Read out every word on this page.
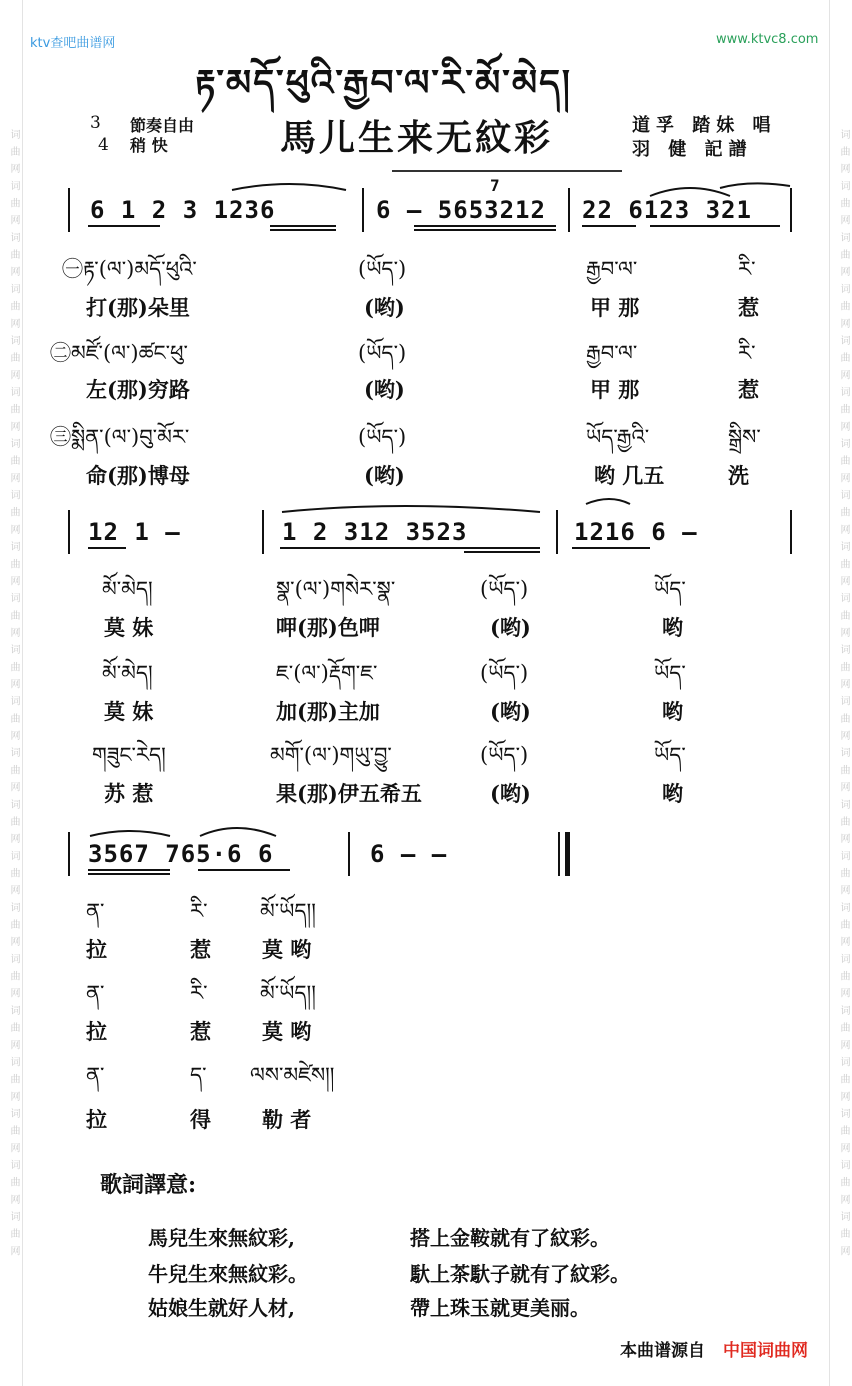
词 曲 网 词 曲 网 词 曲 网 词 曲 网 词 曲 网 词 曲 网 词 曲 网 词 曲 网 词 曲 网 词 曲 网 词 曲 网 词 曲 网 词 曲 网 词 曲 网 词 曲 网 词 曲 网 词 曲 网 词 曲 网 词 曲 网 词 曲 网 词 曲 网 词 曲 网	词 曲 网 词 曲 网 词 曲 网 词 曲 网 词 曲 网 词 曲 网 词 曲 网 词 曲 网 词 曲 网 词 曲 网 词 曲 网 词 曲 网 词 曲 网 词 曲 网 词 曲 网 词 曲 网 词 曲 网 词 曲 网 词 曲 网 词 曲 网 词 曲 网 词 曲 网
ktv查吧曲谱网	www.ktvc8.com
རྟ་མདོ་ཕུའི་རྒྱབ་ལ་རི་མོ་མེད།
3
4
節奏自由
稍 快	馬儿生来无紋彩	道孚 踏妹 唱
羽 健 記譜
6 1 2 3 1236	6 – 5653212 22 6123 321
7
㊀རྟ་(ལ་)མདོ་ཕུའི་	(ཡོད་)	རྒྱབ་ལ་	རི་
打(那)朵里	(哟)	甲 那	惹
㊁མཛོ་(ལ་)ཚང་ཕུ་	(ཡོད་)	རྒྱབ་ལ་	རི་
左(那)穷路	(哟)	甲 那	惹
㊂སྨིན་(ལ་)བུ་མོར་	(ཡོད་)	ཡོད་རྒྱའི་	སྒྲིས་
命(那)博母	(哟)	哟 几五	洗
12 1 —	1 2 312 3523	1216 6 —
མོ་མེད།	སྣ་(ལ་)གསེར་སྣ་	(ཡོད་)	ཡོད་
莫 妹	呷(那)色呷	(哟)	哟
མོ་མེད།	ཇ་(ལ་)རྡོག་ཇ་	(ཡོད་)	ཡོད་
莫 妹	加(那)主加	(哟)	哟
གཟུང་རེད།	མགོ་(ལ་)གཡུ་བྱུ་	(ཡོད་)	ཡོད་
苏 惹	果(那)伊五希五	(哟)	哟
3567 765·6 6	6 — —
ན་	རི་	མོ་ཡོད།།
拉	惹 莫 哟
ན་	རི་	མོ་ཡོད།།
拉	惹 莫 哟
ན་	ད་ ལས་མཛེས།།
拉	得 勒 者
歌詞譯意:
馬兒生來無紋彩,	搭上金鞍就有了紋彩。
牛兒生來無紋彩。	馱上茶馱子就有了紋彩。
姑娘生就好人材,	帶上珠玉就更美丽。
本曲谱源自 中国词曲网
